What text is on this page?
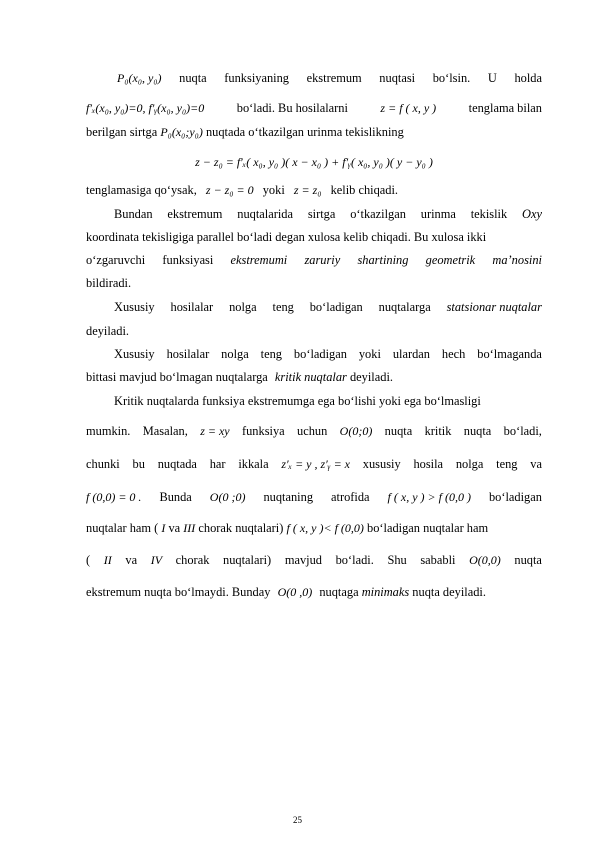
P₀(x₀, y₀) nuqta funksiyaning ekstremum nuqtasi bo‘lsin. U holda
f′ₓ(x₀, y₀)=0, f′ᵧ(x₀, y₀)=0	bo‘ladi. Bu hosilalarni	z = f ( x, y )	tenglama bilan
berilgan sirtga P₀(x₀;y₀) nuqtada o‘tkazilgan urinma tekislikning
z − z₀ = f′ₓ( x₀, y₀ )( x − x₀ ) + f′ᵧ( x₀, y₀ )( y − y₀ )
tenglamasiga qo‘ysak, z − z₀ = 0 yoki z = z₀ kelib chiqadi.
Bundan ekstremum nuqtalarida sirtga o‘tkazilgan urinma tekislik Oxy
koordinata tekisligiga parallel bo‘ladi degan xulosa kelib chiqadi. Bu xulosa ikki
o‘zgaruvchi funksiyasi ekstremumi zaruriy shartining geometrik ma’nosini
bildiradi.
Xususiy hosilalar nolga teng bo‘ladigan nuqtalarga statsionar nuqtalar
deyiladi.
Xususiy hosilalar nolga teng bo‘ladigan yoki ulardan hech bo‘lmaganda
bittasi mavjud bo‘lmagan nuqtalarga kritik nuqtalar deyiladi.
Kritik nuqtalarda funksiya ekstremumga ega bo‘lishi yoki ega bo‘lmasligi
mumkin. Masalan, z = xy funksiya uchun O(0;0) nuqta kritik nuqta bo‘ladi,
chunki bu nuqtada har ikkala z′ₓ = y , z′ᵧ = x xususiy hosila nolga teng va
f (0,0) = 0 . Bunda O(0 ;0) nuqtaning atrofida f ( x, y ) > f (0,0 ) bo‘ladigan
nuqtalar ham ( I va III chorak nuqtalari) f ( x, y )< f (0,0) bo‘ladigan nuqtalar ham
( II va IV chorak nuqtalari) mavjud bo‘ladi. Shu sababli O(0,0) nuqta
ekstremum nuqta bo‘lmaydi. Bunday O(0 ,0) nuqtaga minimaks nuqta deyiladi.
25
